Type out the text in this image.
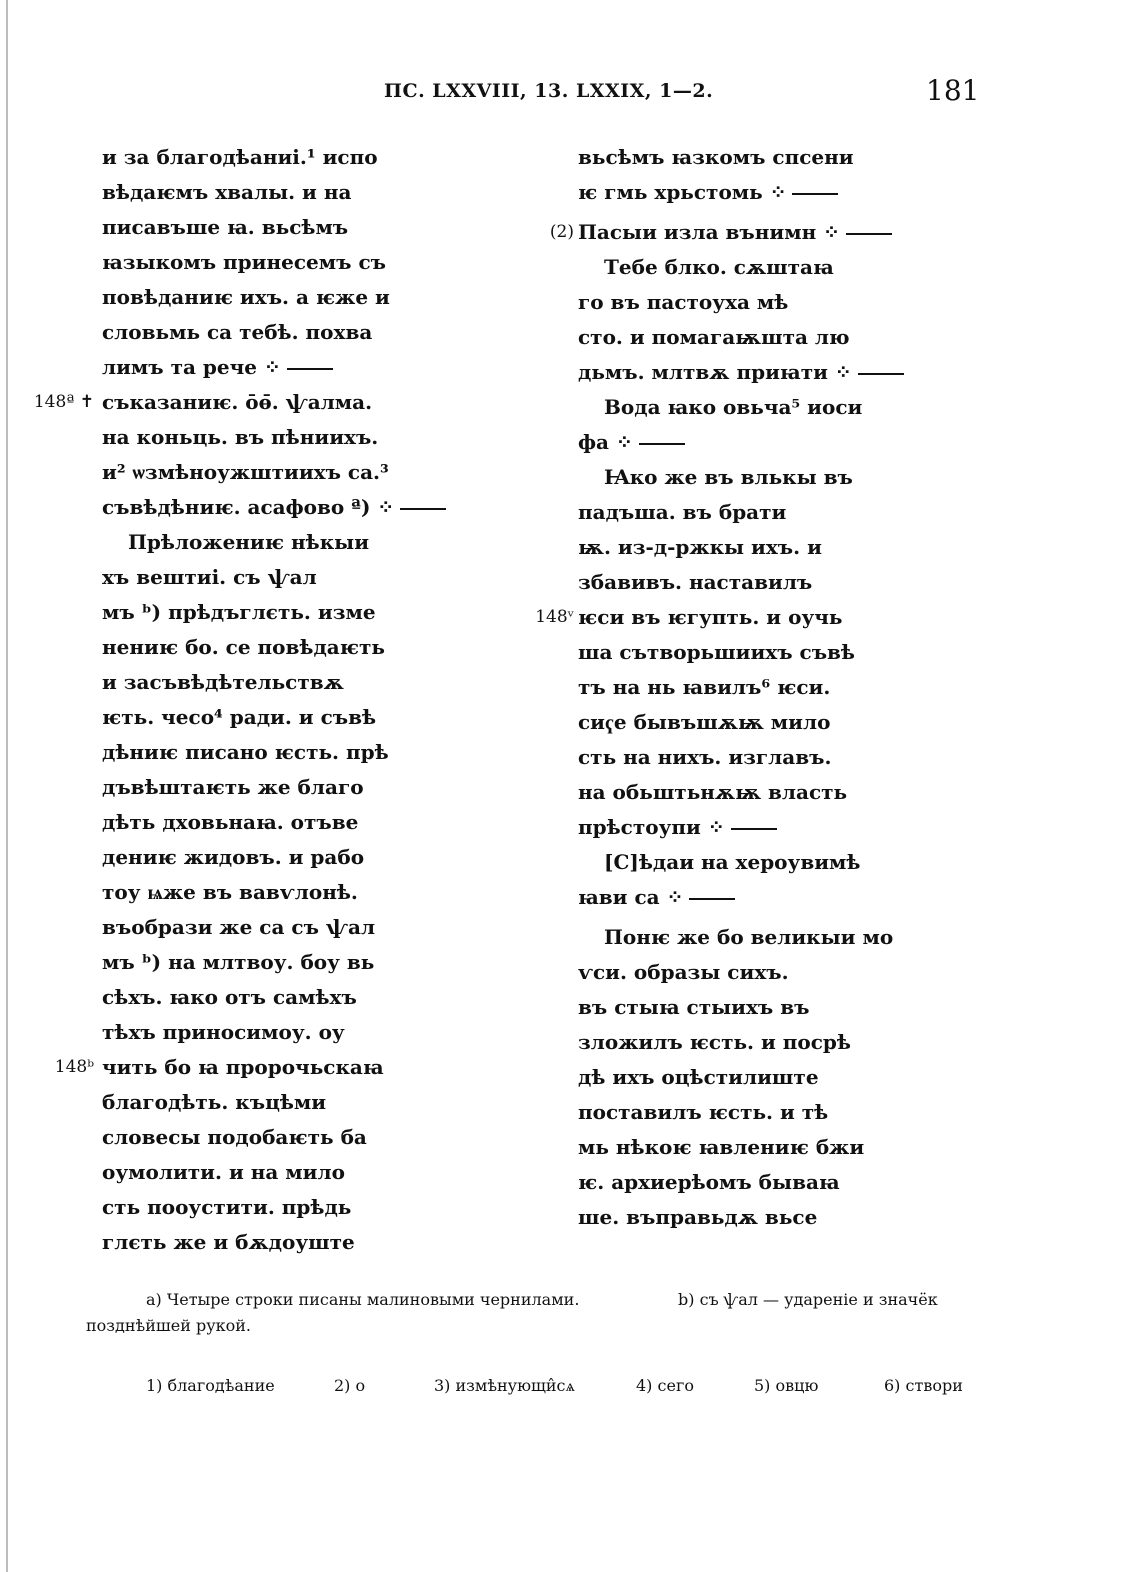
ПС. LXXVIII, 13. LXXIX, 1—2.	181
и за благодѣаниі.¹ испо
вѣдаѥмъ хвалы. и на
писавъше ꙗ. вьсѣмъ
ꙗзыкомъ принесемъ съ
повѣданиѥ ихъ. а ѥже и
словьмь са тебѣ. похва
лимъ та рече ⁘
148ª ✝ съказаниѥ. о̄ѳ̄. ѱалма.
на коньць. въ пѣниихъ.
и² ѡзмѣноужштиихъ са.³
съвѣдѣниѥ. асафово ª) ⁘
Прѣложениѥ нѣкыи
хъ вештиі. съ ѱал
мъ ᵇ) прѣдъглєть. изме
нениѥ бо. се повѣдаѥть
и засъвѣдѣтельствѫ
ѥть. чесо⁴ ради. и съвѣ
дѣниѥ писано ѥсть. прѣ
дъвѣштаѥть же благо
дѣть дховьнаꙗ. отъве
дениѥ жидовъ. и рабо
тоу ѩже въ вавѵлонѣ.
въобрази же са съ ѱал
мъ ᵇ) на млтвоу. боу вь
сѣхъ. ꙗко отъ самѣхъ
тѣхъ приносимоу. оу
148ᵇ чить бо ꙗ пророчьскаꙗ
благодѣть. къцѣми
словесы подобаѥть ба
оумолити. и на мило
сть пооустити. прѣдь
глєть же и бѫдоуште
вьсѣмъ ꙗзкомъ спсени
ѥ гмь хрьстомь ⁘
(2) Пасыи изла вънимн ⁘
Тебе блко. сѫштаꙗ
го въ пастоуха мѣ
сто. и помагаѭшта лю
дьмъ. млтвѫ приꙗти ⁘
Вода ꙗко овьча⁵ иоси
фа ⁘
Ꙗко же въ влькы въ
падъша. въ брати
ѭ. из-д-ржкы ихъ. и
збавивъ. наставилъ
148ᵛ ѥси въ ѥгупть. и оучь
ша сътворьшиихъ съвѣ
тъ на нь ꙗвилъ⁶ ѥси.
сиҁе бывъшѫѭ мило
сть на нихъ. изглавъ.
на обьштьнѫѭ власть
прѣстоупи ⁘
[С]ѣдаи на хероувимѣ
ꙗви са ⁘
Понѥ же бо великыи мо
ѵси. образы сихъ.
въ стыꙗ стыихъ въ
зложилъ ѥсть. и посрѣ
дѣ ихъ оцѣстилиште
поставилъ ѥсть. и тѣ
мь нѣкоѥ ꙗвлениѥ бжи
ѥ. архиерѣомъ бываꙗ
ше. въправьдѫ вьсе
а) Четыре строки писаны малиновыми чернилами.	b) съ ѱал — удареніе и значёк
позднѣйшей рукой.
1) благодѣание	2) о	3) измѣнующи̂сѧ	4) сего	5) овцю	6) створи
